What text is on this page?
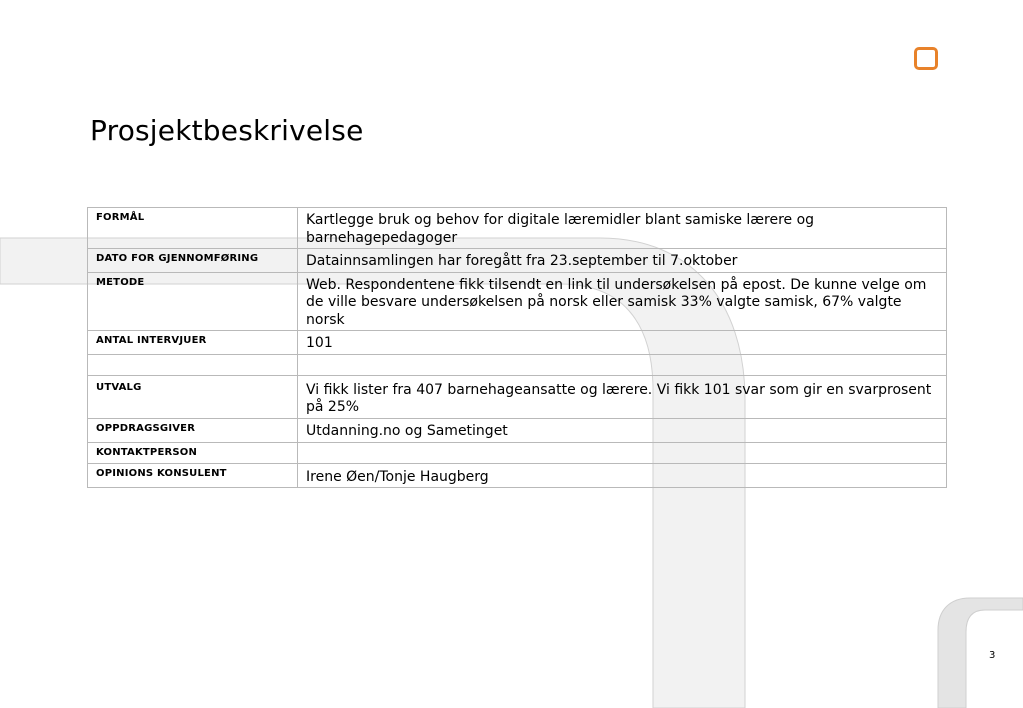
Prosjektbeskrivelse
FORMÅL	Kartlegge bruk og behov for digitale læremidler blant samiske lærere og barnehagepedagoger
DATO FOR GJENNOMFØRING	Datainnsamlingen har foregått fra 23.september til 7.oktober
METODE	Web. Respondentene fikk tilsendt en link til undersøkelsen på epost. De kunne velge om de ville besvare undersøkelsen på norsk eller samisk 33% valgte samisk, 67% valgte norsk
ANTAL INTERVJUER	101

UTVALG	Vi fikk lister fra 407 barnehageansatte og lærere. Vi fikk 101 svar som gir en svarprosent på 25%
OPPDRAGSGIVER	Utdanning.no og Sametinget
KONTAKTPERSON	
OPINIONS KONSULENT	Irene Øen/Tonje Haugberg
3
